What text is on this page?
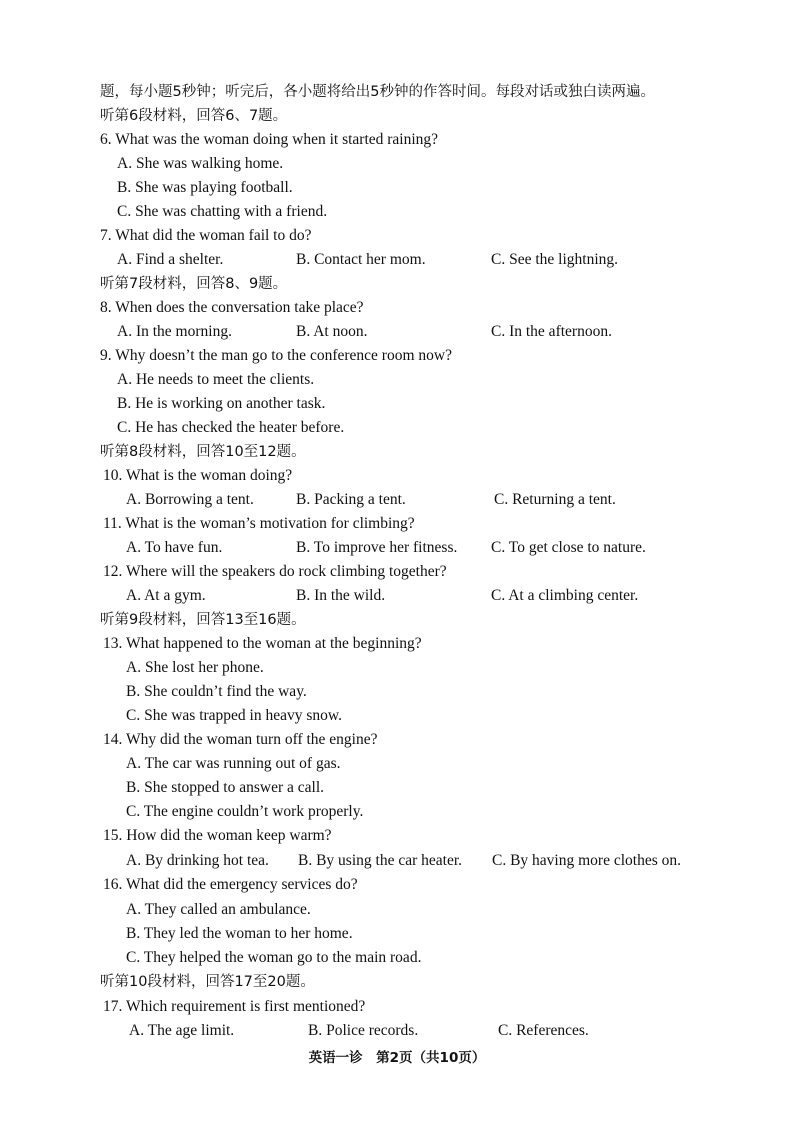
题，每小题5秒钟；听完后，各小题将给出5秒钟的作答时间。每段对话或独白读两遍。
听第6段材料，回答6、7题。
6. What was the woman doing when it started raining?
A. She was walking home.
B. She was playing football.
C. She was chatting with a friend.
7. What did the woman fail to do?
A. Find a shelter.	B. Contact her mom.	C. See the lightning.
听第7段材料，回答8、9题。
8. When does the conversation take place?
A. In the morning.	B. At noon.	C. In the afternoon.
9. Why doesn’t the man go to the conference room now?
A. He needs to meet the clients.
B. He is working on another task.
C. He has checked the heater before.
听第8段材料，回答10至12题。
10. What is the woman doing?
A. Borrowing a tent.	B. Packing a tent.	C. Returning a tent.
11. What is the woman’s motivation for climbing?
A. To have fun.	B. To improve her fitness. C. To get close to nature.
12. Where will the speakers do rock climbing together?
A. At a gym.	B. In the wild.	C. At a climbing center.
听第9段材料，回答13至16题。
13. What happened to the woman at the beginning?
A. She lost her phone.
B. She couldn’t find the way.
C. She was trapped in heavy snow.
14. Why did the woman turn off the engine?
A. The car was running out of gas.
B. She stopped to answer a call.
C. The engine couldn’t work properly.
15. How did the woman keep warm?
A. By drinking hot tea. B. By using the car heater. C. By having more clothes on.
16. What did the emergency services do?
A. They called an ambulance.
B. They led the woman to her home.
C. They helped the woman go to the main road.
听第10段材料，回答17至20题。
17. Which requirement is first mentioned?
A. The age limit.	B. Police records.	C. References.
英语一诊　第2页（共10页）
